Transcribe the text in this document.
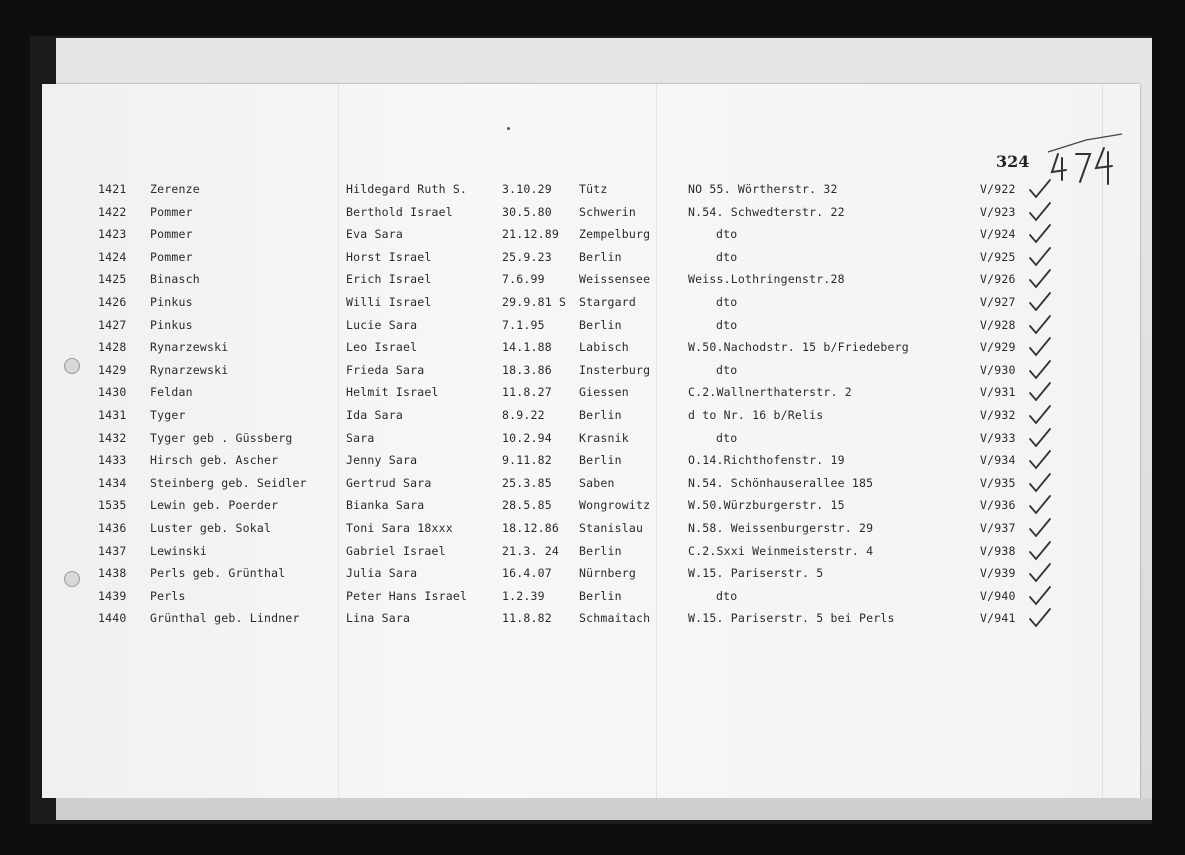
324
1421 Zerenze	Hildegard Ruth S.	3.10.29 Tütz	NO 55. Wörtherstr. 32	V/922
1422 Pommer	Berthold Israel	30.5.80 Schwerin	N.54. Schwedterstr. 22	V/923
1423 Pommer	Eva Sara	21.12.89 Zempelburg	dto	V/924
1424 Pommer	Horst Israel	25.9.23 Berlin	dto	V/925
1425 Binasch	Erich Israel	7.6.99	Weissensee	Weiss.Lothringenstr.28	V/926
1426 Pinkus	Willi Israel	29.9.81 S Stargard	dto	V/927
1427 Pinkus	Lucie Sara	7.1.95	Berlin	dto	V/928
1428 Rynarzewski	Leo Israel	14.1.88 Labisch	W.50.Nachodstr. 15 b/Friedeberg	V/929
1429 Rynarzewski	Frieda Sara	18.3.86 Insterburg	dto	V/930
1430 Feldan	Helmit Israel	11.8.27 Giessen	C.2.Wallnerthaterstr. 2	V/931
1431 Tyger	Ida Sara	8.9.22	Berlin	d to Nr. 16 b/Relis	V/932
1432 Tyger geb . Güssberg	Sara	10.2.94 Krasnik	dto	V/933
1433 Hirsch geb. Ascher	Jenny Sara	9.11.82 Berlin	O.14.Richthofenstr. 19	V/934
1434 Steinberg geb. Seidler	Gertrud Sara	25.3.85 Saben	N.54. Schönhauserallee 185	V/935
1535 Lewin geb. Poerder	Bianka Sara	28.5.85 Wongrowitz	W.50.Würzburgerstr. 15	V/936
1436 Luster geb. Sokal	Toni Sara 18xxx	18.12.86 Stanislau	N.58. Weissenburgerstr. 29	V/937
1437 Lewinski	Gabriel Israel	21.3. 24 Berlin	C.2.Sxxi Weinmeisterstr. 4	V/938
1438 Perls geb. Grünthal	Julia Sara	16.4.07 Nürnberg	W.15. Pariserstr. 5	V/939
1439 Perls	Peter Hans Israel	1.2.39	Berlin	dto	V/940
1440 Grünthal geb. Lindner	Lina Sara	11.8.82 Schmaitach	W.15. Pariserstr. 5 bei Perls	V/941
